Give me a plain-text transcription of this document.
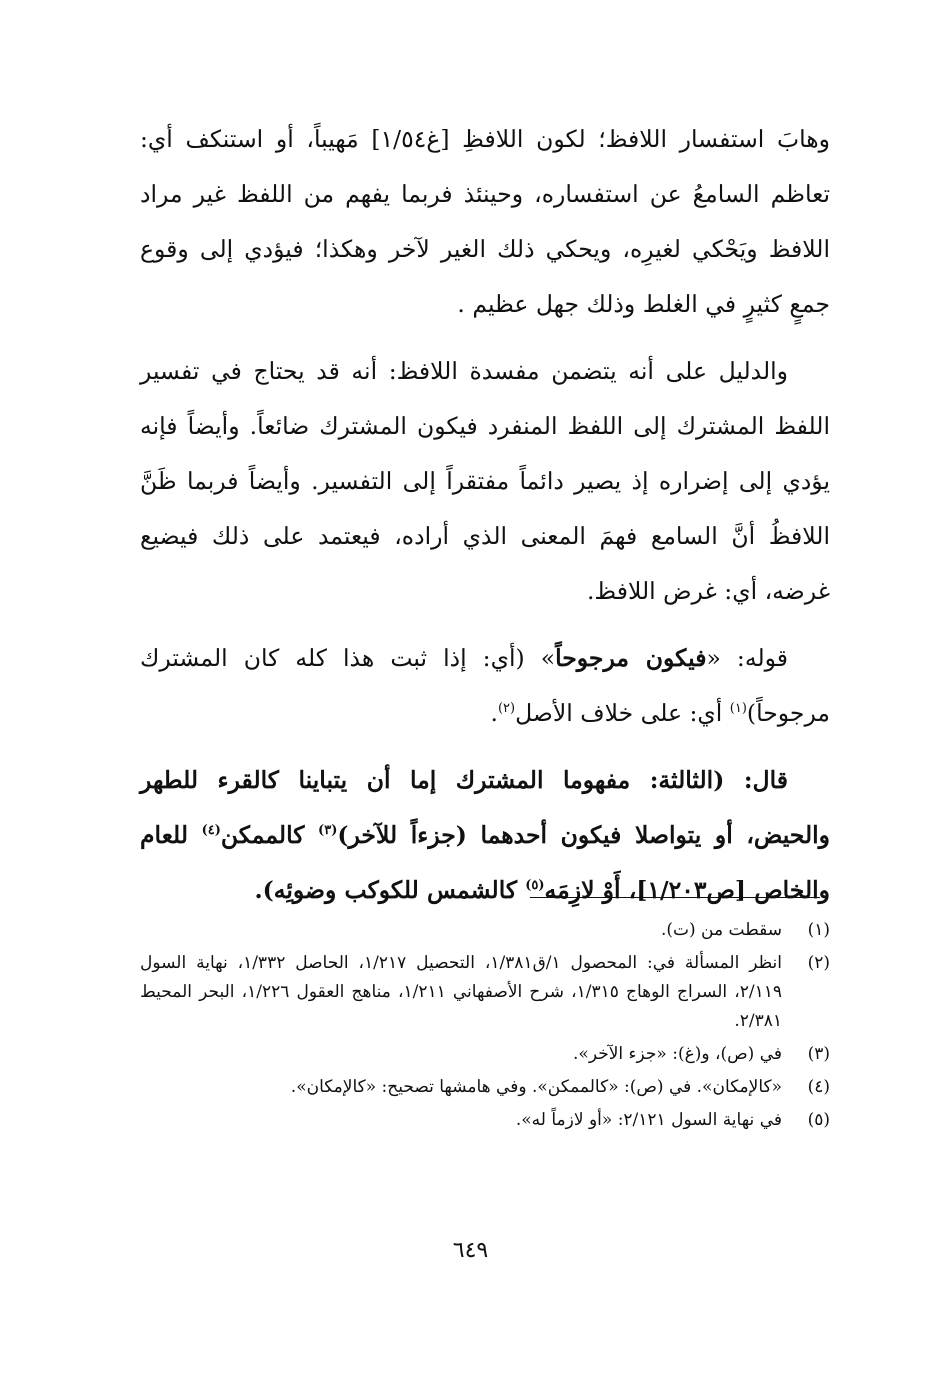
وهابَ استفسار اللافظ؛ لكون اللافظِ [غ١/٥٤] مَهيباً، أو استنكف أي: تعاظم السامعُ عن استفساره، وحينئذ فربما يفهم من اللفظ غير مراد اللافظ ويَحْكي لغيرِه، ويحكي ذلك الغير لآخر وهكذا؛ فيؤدي إلى وقوع جمعٍ كثيرٍ في الغلط وذلك جهل عظيم .

والدليل على أنه يتضمن مفسدة اللافظ: أنه قد يحتاج في تفسير اللفظ المشترك إلى اللفظ المنفرد فيكون المشترك ضائعاً. وأيضاً فإنه يؤدي إلى إضراره إذ يصير دائماً مفتقراً إلى التفسير. وأيضاً فربما ظَنَّ اللافظُ أنَّ السامع فهمَ المعنى الذي أراده، فيعتمد على ذلك فيضيع غرضه، أي: غرض اللافظ.

قوله: «فيكون مرجوحاً» (أي: إذا ثبت هذا كله كان المشترك مرجوحاً)$^{(١)}$ أي: على خلاف الأصل$^{(٢)}$.

قال: (الثالثة: مفهوما المشترك إما أن يتباينا كالقرء للطهر والحيض، أو يتواصلا فيكون أحدهما (جزءاً للآخر)$^{(٣)}$ كالممكن$^{(٤)}$ للعام والخاص [ص١/٢٠٣]، أَوْ لازِمَه$^{(٥)}$ كالشمس للكوكب وضوئِه).

(١)
سقطت من (ت).
(٢)
انظر المسألة في: المحصول ١/ق١/٣٨١، التحصيل ١/٢١٧، الحاصل ١/٣٣٢، نهاية السول ٢/١١٩، السراج الوهاج ١/٣١٥، شرح الأصفهاني ١/٢١١، مناهج العقول ١/٢٢٦، البحر المحيط ٢/٣٨١.
(٣)
في (ص)، و(غ): «جزء الآخر».
(٤)
«كالإمكان». في (ص): «كالممكن». وفي هامشها تصحيح: «كالإمكان».
(٥)
في نهاية السول ٢/١٢١: «أو لازماً له».
٦٤٩
